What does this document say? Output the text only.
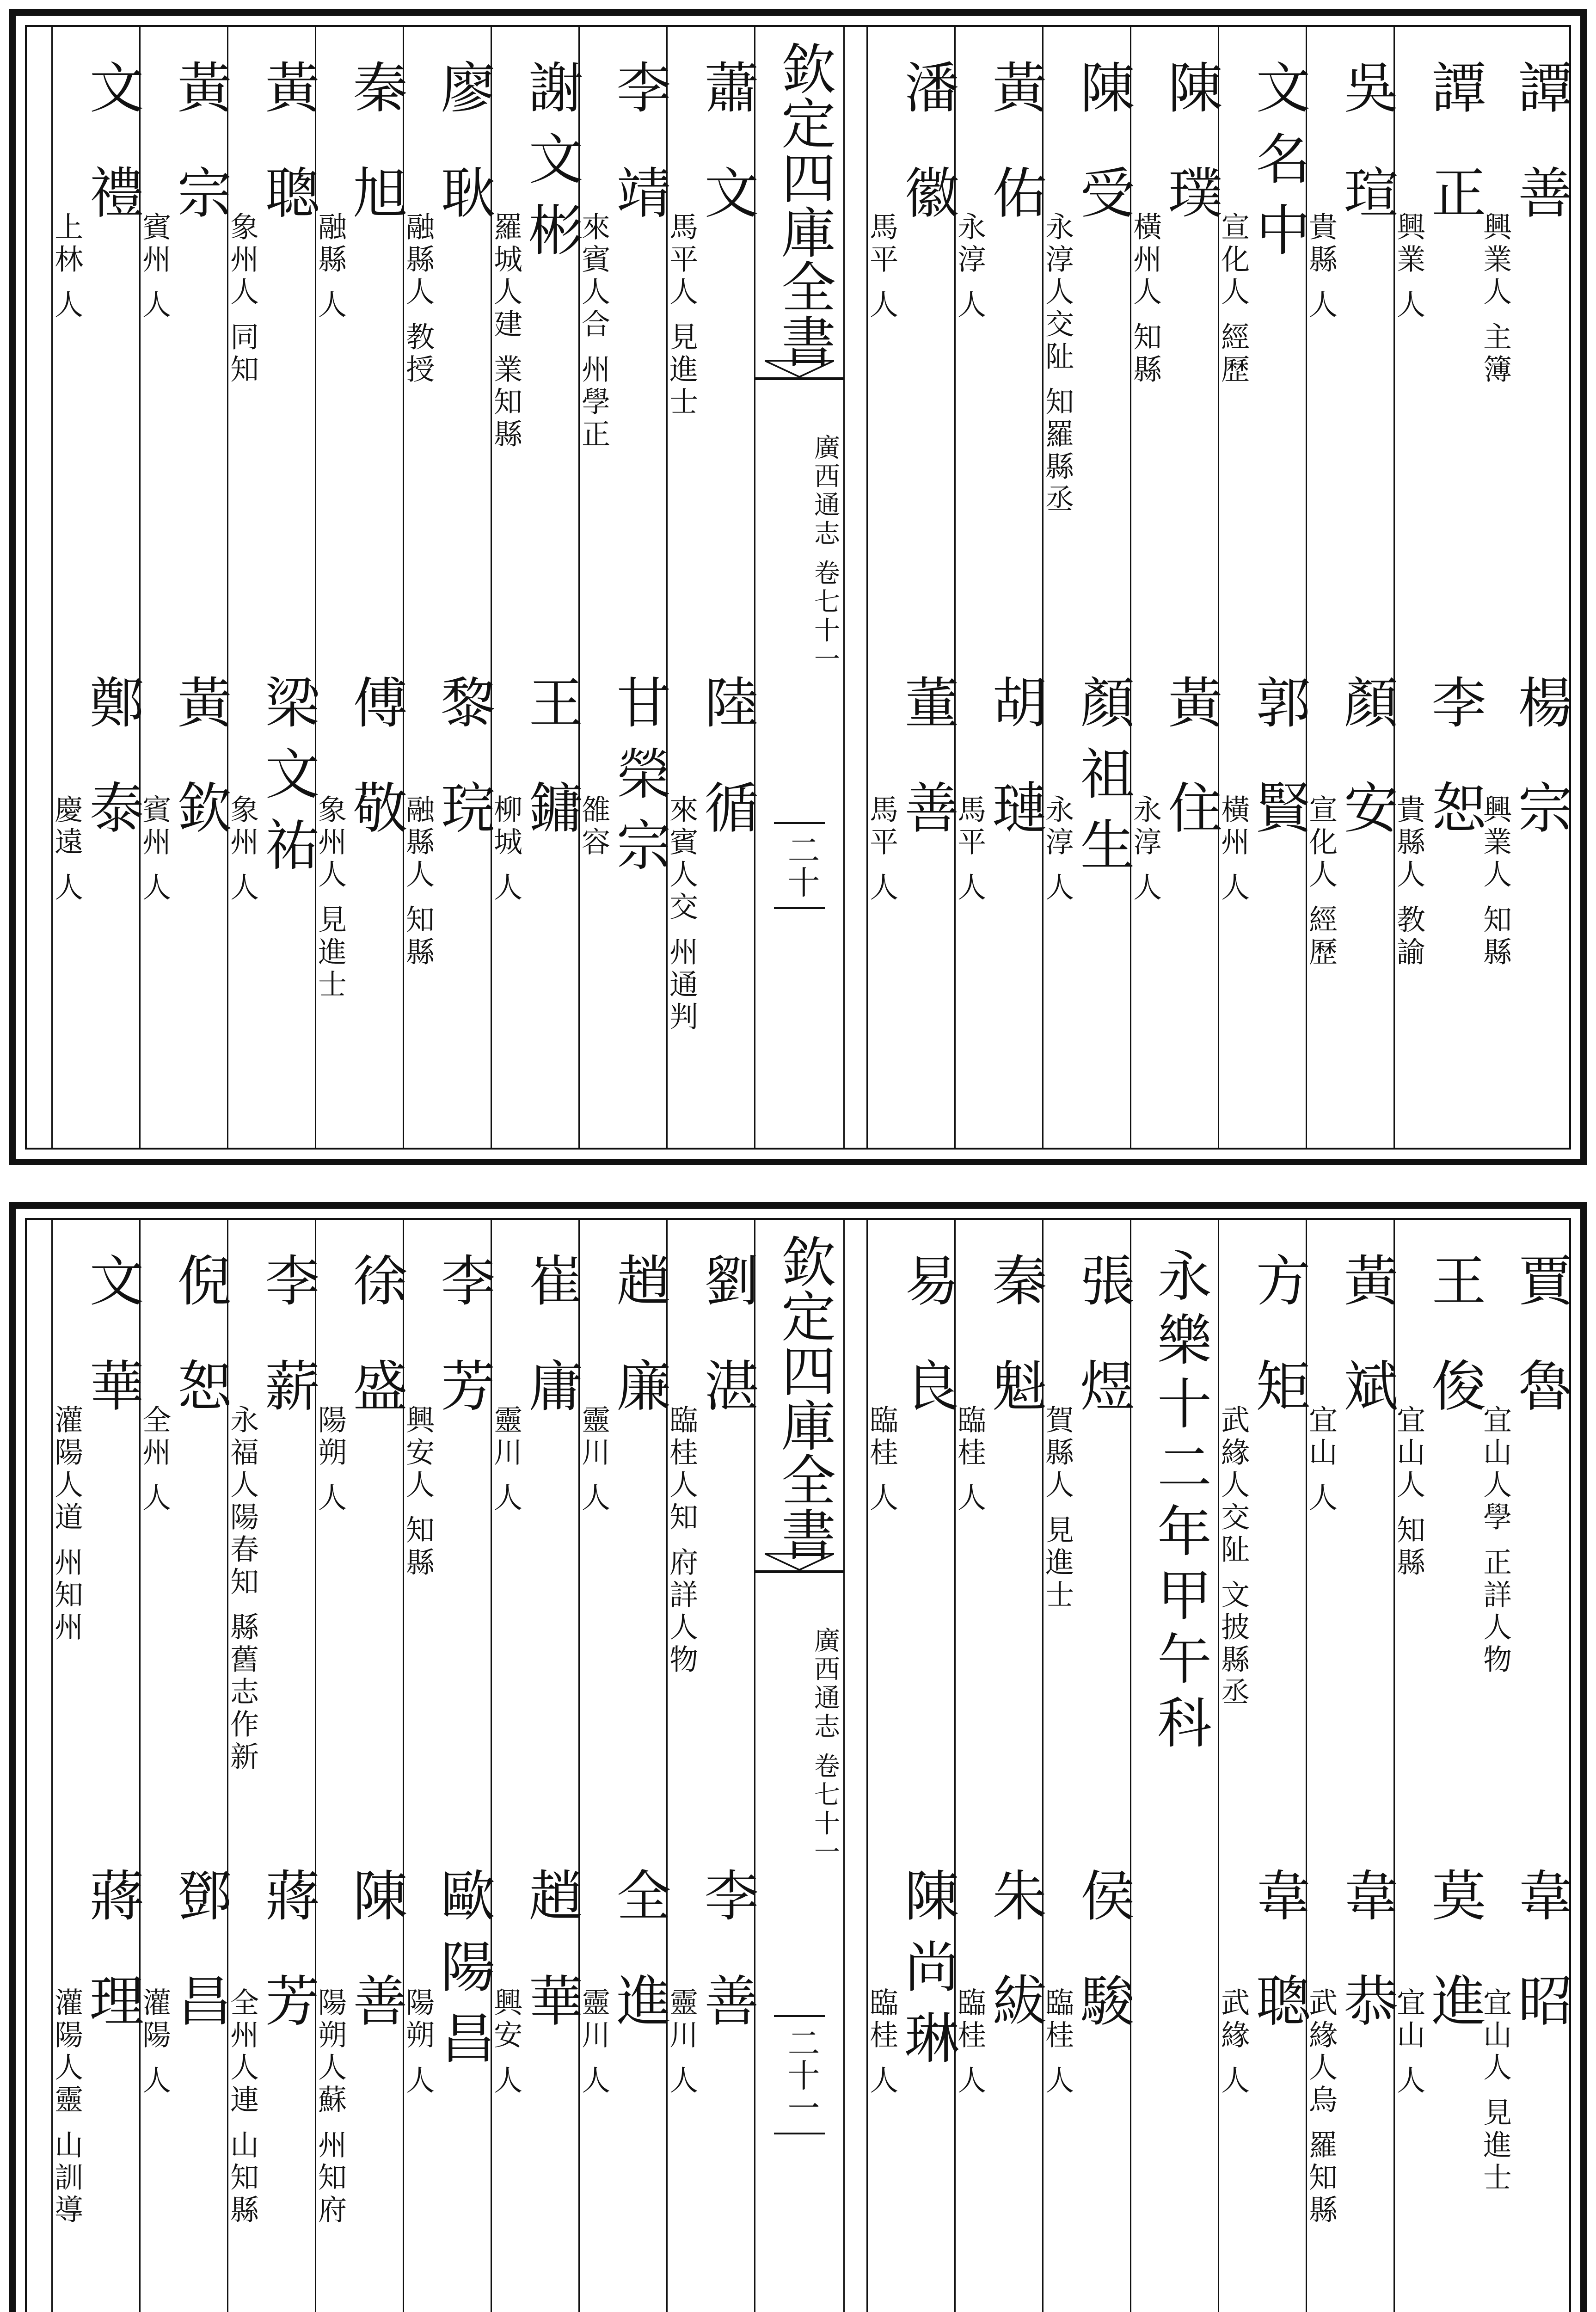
譚 善
興業人 主簿
楊 宗
興業人 知縣
譚 正
興業 人
李 恕
貴縣人 教諭
吳 瑄
貴縣 人
顏 安
宣化人 經歷
文名中
宣化人 經歷
郭 賢
橫州 人
陳 璞
橫州人 知縣
黃 住
永淳 人
陳 受
永淳人交阯 知羅縣丞
顏祖生
永淳 人
黃 佑
永淳 人
胡 璉
馬平 人
潘 徽
馬平 人
董 善
馬平 人
蕭 文
馬平人 見進士
陸 循
來賓人交 州通判
李 靖
來賓人合 州學正
甘榮宗
雒容
謝文彬
羅城人建 業知縣
王 鏞
柳城 人
廖 耿
融縣人 教授
黎 琓
融縣人 知縣
秦 旭
融縣 人
傅 敬
象州人 見進士
黃 聰
象州人 同知
梁文祐
象州 人
黃 宗
賓州 人
黃 欽
賓州 人
文 禮
上林 人
鄭 泰
慶遠 人
欽定四庫全書
廣西通志 卷七十一
二十
賈 魯
宜山人學 正詳人物
韋 昭
宜山人 見進士
王 俊
宜山人 知縣
莫 進
宜山 人
黃 斌
宜山 人
韋 恭
武緣人烏 羅知縣
方 矩
武緣人交阯 文披縣丞
韋 聰
武緣 人
永樂十二年甲午科
張 煜
賀縣人 見進士
侯 駿
臨桂 人
秦 魁
臨桂 人
朱 紱
臨桂 人
易 良
臨桂 人
陳尚琳
臨桂 人
劉 湛
臨桂人知 府詳人物
李 善
靈川 人
趙 廉
靈川 人
全 進
靈川 人
崔 庸
靈川 人
趙 華
興安 人
李 芳
興安人 知縣
歐陽昌
陽朔 人
徐 盛
陽朔 人
陳 善
陽朔人蘇 州知府
李 薪
永福人陽春知 縣舊志作新
蔣 芳
全州人連 山知縣
倪 恕
全州 人
鄧 昌
灌陽 人
文 華
灌陽人道 州知州
蔣 理
灌陽人靈 山訓導
欽定四庫全書
廣西通志 卷七十一
二十一
